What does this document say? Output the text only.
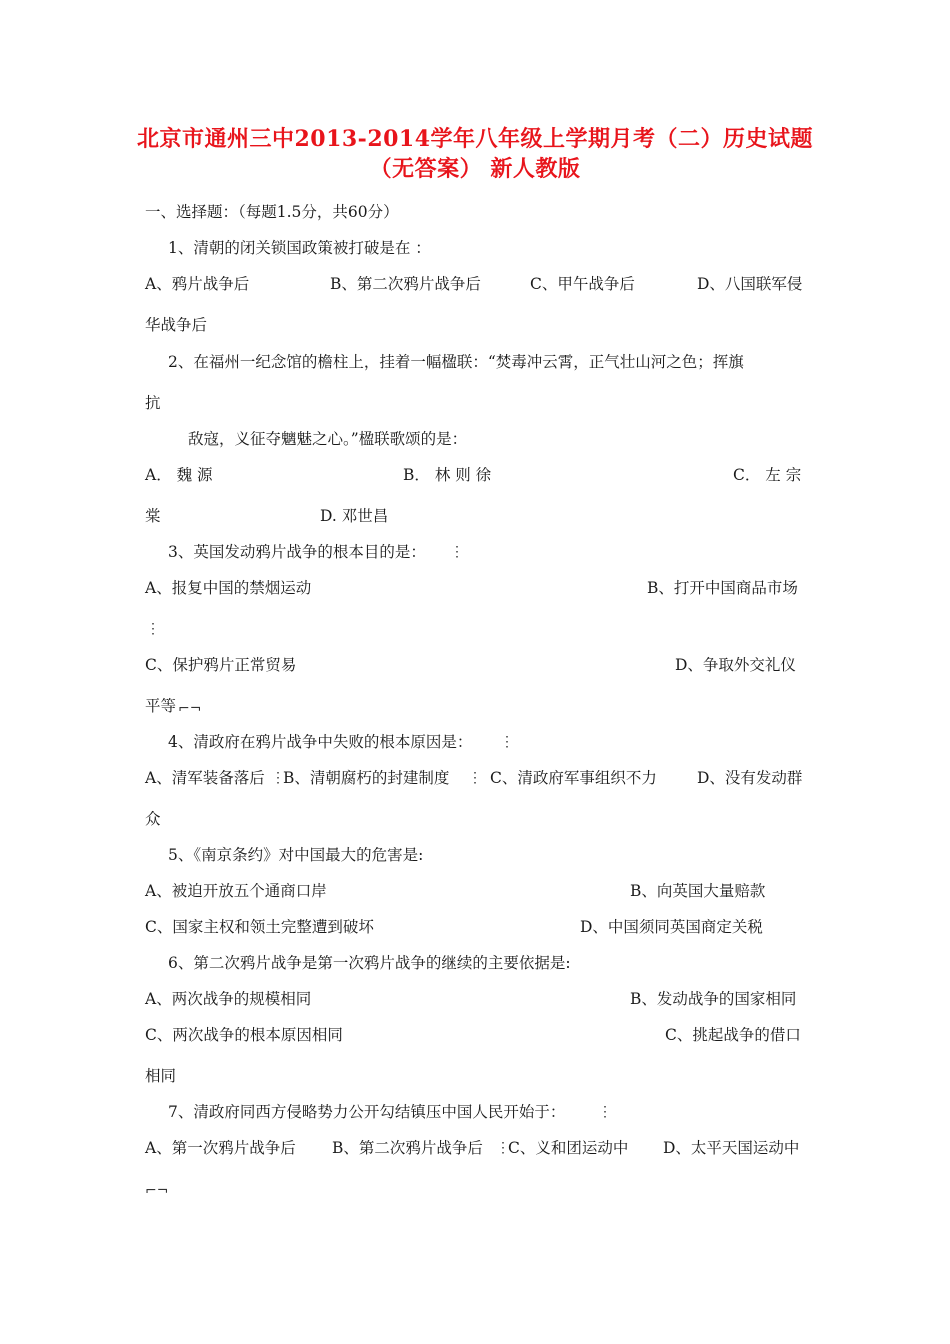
北京市通州三中2013-2014学年八年级上学期月考（二）历史试题
（无答案） 新人教版
一、选择题：（每题1.5分，共60分）
1、清朝的闭关锁国政策被打破是在 ：
A、鸦片战争后	B、第二次鸦片战争后	C、甲午战争后	D、八国联军侵
华战争后
2、在福州一纪念馆的檐柱上，挂着一幅楹联：“焚毒冲云霄，正气壮山河之色；挥旗
抗
敌寇，义征夺魑魅之心。”楹联歌颂的是：
A． 魏 源	B． 林 则 徐	C． 左 宗
棠	D. 邓世昌
3、英国发动鸦片战争的根本目的是： ⋮
A、报复中国的禁烟运动	B、打开中国商品市场
⋮
C、保护鸦片正常贸易	D、争取外交礼仪
平等 ⌐¬
4、清政府在鸦片战争中失败的根本原因是： ⋮
A、清军装备落后 ⋮
B、清朝腐朽的封建制度 ⋮ C、清政府军事组织不力	D、没有发动群
众
5、《南京条约》对中国最大的危害是:
A、被迫开放五个通商口岸	B、向英国大量赔款
C、国家主权和领土完整遭到破坏	D、中国须同英国商定关税
6、第二次鸦片战争是第一次鸦片战争的继续的主要依据是:
A、两次战争的规模相同	B、发动战争的国家相同
C、两次战争的根本原因相同	C、挑起战争的借口
相同
7、清政府同西方侵略势力公开勾结镇压中国人民开始于： ⋮
A、第一次鸦片战争后 B、第二次鸦片战争后 ⋮
C、义和团运动中 D、太平天国运动中
⌐¬
